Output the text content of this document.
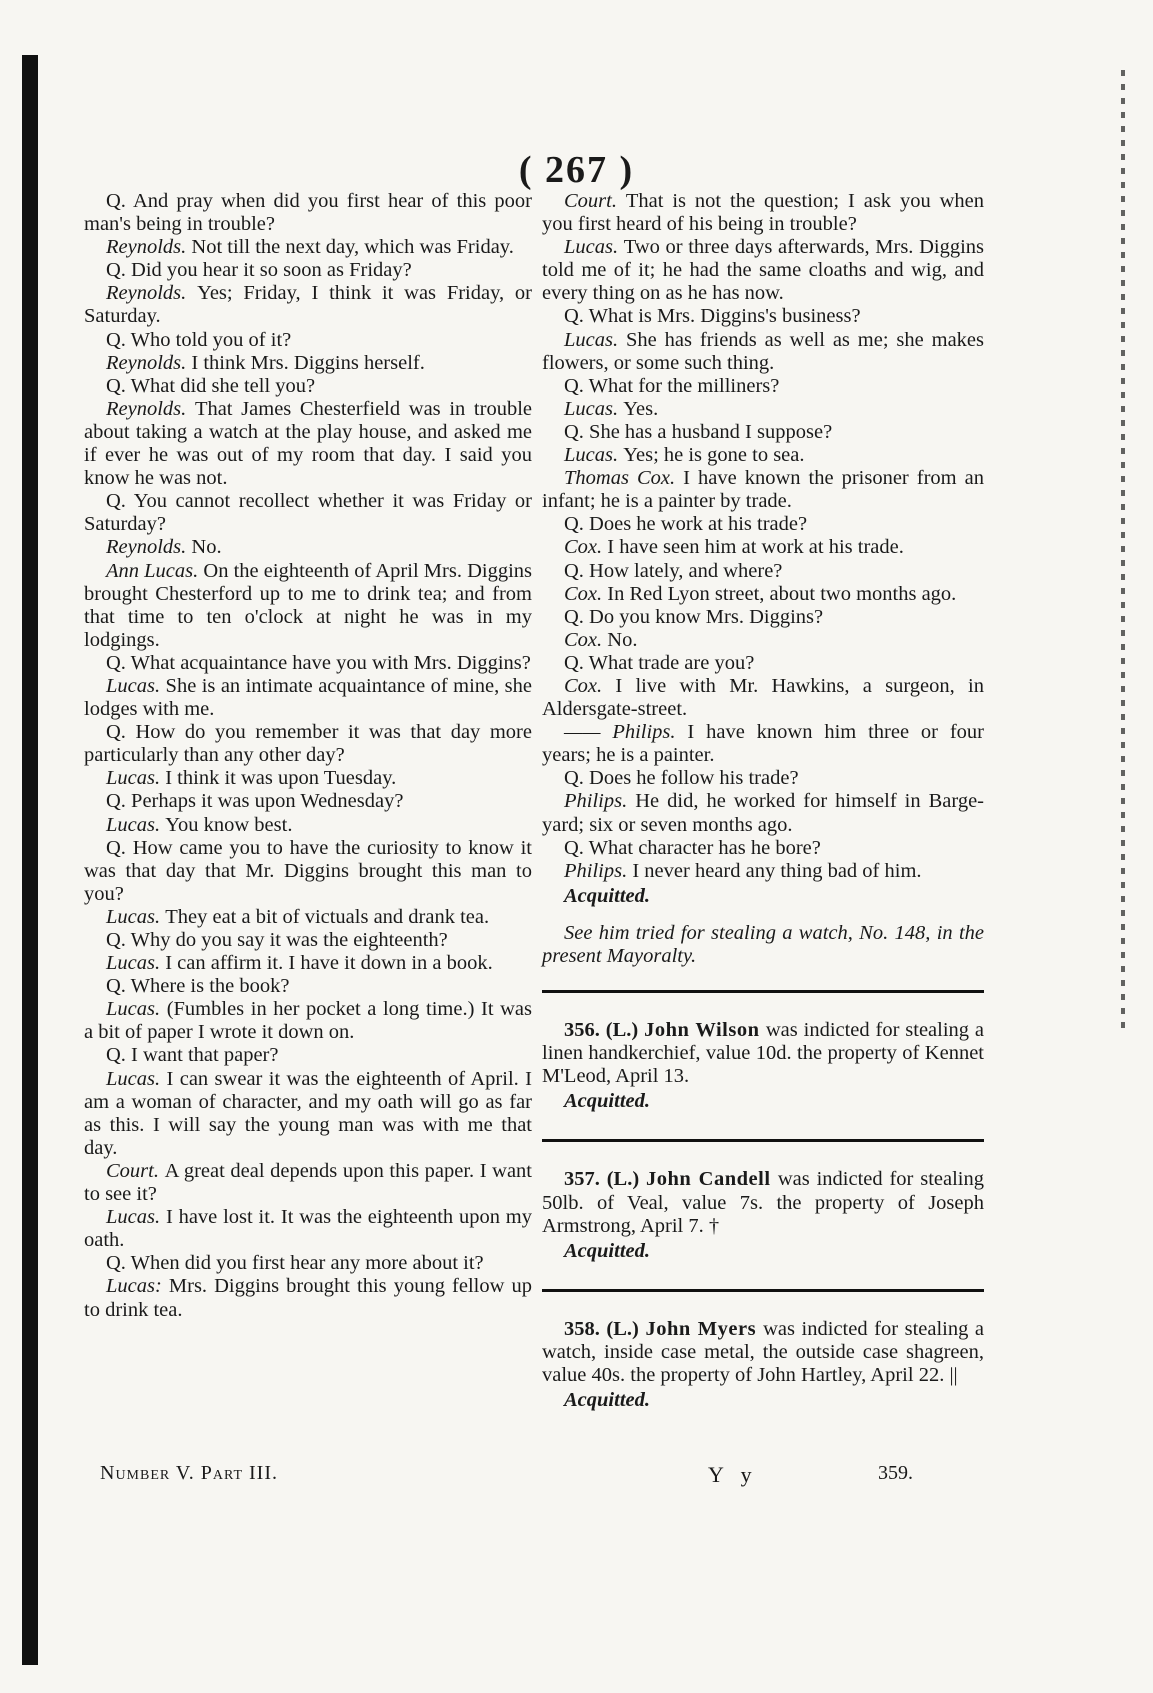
( 267 )

Q. And pray when did you first hear of this poor man's being in trouble?

Reynolds. Not till the next day, which was Friday.

Q. Did you hear it so soon as Friday?

Reynolds. Yes; Friday, I think it was Friday, or Saturday.

Q. Who told you of it?

Reynolds. I think Mrs. Diggins herself.

Q. What did she tell you?

Reynolds. That James Chesterfield was in trouble about taking a watch at the play house, and asked me if ever he was out of my room that day. I said you know he was not.

Q. You cannot recollect whether it was Friday or Saturday?

Reynolds. No.

Ann Lucas. On the eighteenth of April Mrs. Diggins brought Chesterford up to me to drink tea; and from that time to ten o'clock at night he was in my lodgings.

Q. What acquaintance have you with Mrs. Diggins?

Lucas. She is an intimate acquaintance of mine, she lodges with me.

Q. How do you remember it was that day more particularly than any other day?

Lucas. I think it was upon Tuesday.

Q. Perhaps it was upon Wednesday?

Lucas. You know best.

Q. How came you to have the curiosity to know it was that day that Mr. Diggins brought this man to you?

Lucas. They eat a bit of victuals and drank tea.

Q. Why do you say it was the eighteenth?

Lucas. I can affirm it. I have it down in a book.

Q. Where is the book?

Lucas. (Fumbles in her pocket a long time.) It was a bit of paper I wrote it down on.

Q. I want that paper?

Lucas. I can swear it was the eighteenth of April. I am a woman of character, and my oath will go as far as this. I will say the young man was with me that day.

Court. A great deal depends upon this paper. I want to see it?

Lucas. I have lost it. It was the eighteenth upon my oath.

Q. When did you first hear any more about it?

Lucas: Mrs. Diggins brought this young fellow up to drink tea.

Court. That is not the question; I ask you when you first heard of his being in trouble?

Lucas. Two or three days afterwards, Mrs. Diggins told me of it; he had the same cloaths and wig, and every thing on as he has now.

Q. What is Mrs. Diggins's business?

Lucas. She has friends as well as me; she makes flowers, or some such thing.

Q. What for the milliners?

Lucas. Yes.

Q. She has a husband I suppose?

Lucas. Yes; he is gone to sea.

Thomas Cox. I have known the prisoner from an infant; he is a painter by trade.

Q. Does he work at his trade?

Cox. I have seen him at work at his trade.

Q. How lately, and where?

Cox. In Red Lyon street, about two months ago.

Q. Do you know Mrs. Diggins?

Cox. No.

Q. What trade are you?

Cox. I live with Mr. Hawkins, a surgeon, in Aldersgate-street.

—— Philips. I have known him three or four years; he is a painter.

Q. Does he follow his trade?

Philips. He did, he worked for himself in Barge-yard; six or seven months ago.

Q. What character has he bore?

Philips. I never heard any thing bad of him.

Acquitted.

See him tried for stealing a watch, No. 148, in the present Mayoralty.

356. (L.) John Wilson was indicted for stealing a linen handkerchief, value 10d. the property of Kennet M'Leod, April 13.

Acquitted.

357. (L.) John Candell was indicted for stealing 50lb. of Veal, value 7s. the property of Joseph Armstrong, April 7. †

Acquitted.

358. (L.) John Myers was indicted for stealing a watch, inside case metal, the outside case shagreen, value 40s. the property of John Hartley, April 22. ||

Acquitted.

Number V. Part III.	Y y	359.
